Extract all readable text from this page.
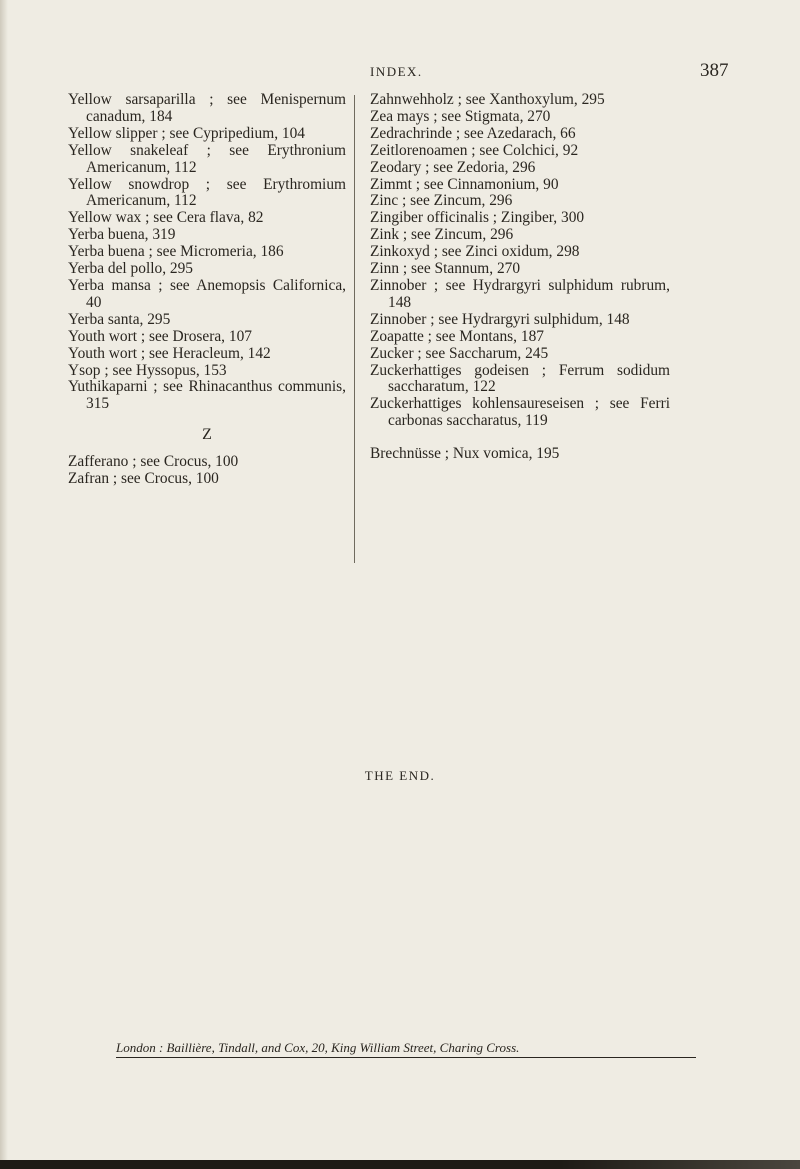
INDEX.	387
Yellow sarsaparilla ; see Menispernum canadum, 184
Yellow slipper ; see Cypripedium, 104
Yellow snakeleaf ; see Erythronium Americanum, 112
Yellow snowdrop ; see Erythromium Americanum, 112
Yellow wax ; see Cera flava, 82
Yerba buena, 319
Yerba buena ; see Micromeria, 186
Yerba del pollo, 295
Yerba mansa ; see Anemopsis Californica, 40
Yerba santa, 295
Youth wort ; see Drosera, 107
Youth wort ; see Heracleum, 142
Ysop ; see Hyssopus, 153
Yuthikaparni ; see Rhinacanthus communis, 315
Z
Zafferano ; see Crocus, 100
Zafran ; see Crocus, 100
Zahnwehholz ; see Xanthoxylum, 295
Zea mays ; see Stigmata, 270
Zedrachrinde ; see Azedarach, 66
Zeitlorenoamen ; see Colchici, 92
Zeodary ; see Zedoria, 296
Zimmt ; see Cinnamonium, 90
Zinc ; see Zincum, 296
Zingiber officinalis ; Zingiber, 300
Zink ; see Zincum, 296
Zinkoxyd ; see Zinci oxidum, 298
Zinn ; see Stannum, 270
Zinnober ; see Hydrargyri sulphidum rubrum, 148
Zinnober ; see Hydrargyri sulphidum, 148
Zoapatte ; see Montans, 187
Zucker ; see Saccharum, 245
Zuckerhattiges godeisen ; Ferrum sodidum saccharatum, 122
Zuckerhattiges kohlensaureseisen ; see Ferri carbonas saccharatus, 119
Brechnüsse ; Nux vomica, 195
THE END.
London : Baillière, Tindall, and Cox, 20, King William Street, Charing Cross.
